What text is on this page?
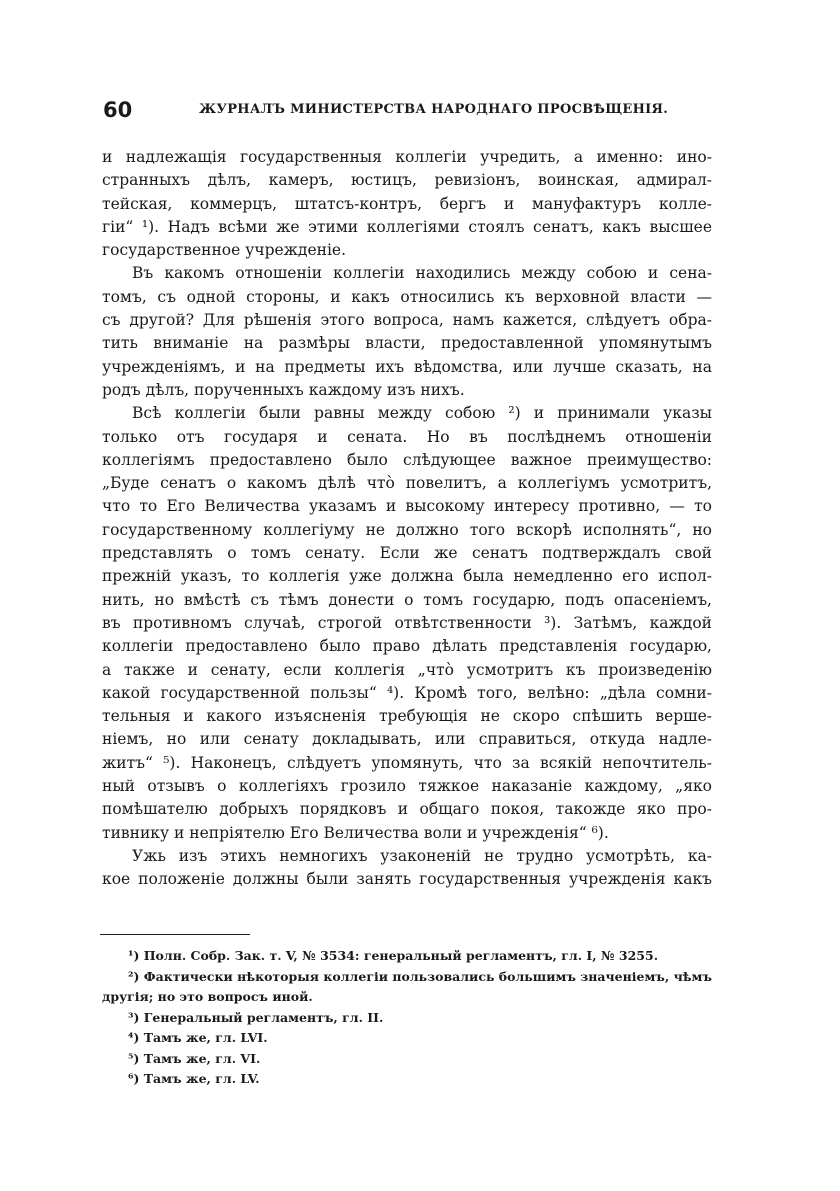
60	ЖУРНАЛЪ МИНИСТЕРСТВА НАРОДНАГО ПРОСВѢЩЕНІЯ.
и надлежащія государственныя коллегіи учредить, а именно: ино-
странныхъ дѣлъ, камеръ, юстицъ, ревизіонъ, воинская, адмирал-
тейская, коммерцъ, штатсъ-контръ, бергъ и мануфактуръ колле-
гіи“ ¹). Надъ всѣми же этими коллегіями стоялъ сенатъ, какъ высшее
государственное учрежденіе.
Въ какомъ отношеніи коллегіи находились между собою и сена-
томъ, съ одной стороны, и какъ относились къ верховной власти —
съ другой? Для рѣшенія этого вопроса, намъ кажется, слѣдуетъ обра-
тить вниманіе на размѣры власти, предоставленной упомянутымъ
учрежденіямъ, и на предметы ихъ вѣдомства, или лучше сказать, на
родъ дѣлъ, порученныхъ каждому изъ нихъ.
Всѣ коллегіи были равны между собою ²) и принимали указы
только отъ государя и сената. Но въ послѣднемъ отношеніи
коллегіямъ предоставлено было слѣдующее важное преимущество:
„Буде сенатъ о какомъ дѣлѣ что̀ повелитъ, а коллегіумъ усмотритъ,
что то Его Величества указамъ и высокому интересу противно, — то
государственному коллегіуму не должно того вскорѣ исполнять“, но
представлять о томъ сенату. Если же сенатъ подтверждалъ свой
прежній указъ, то коллегія уже должна была немедленно его испол-
нить, но вмѣстѣ съ тѣмъ донести о томъ государю, подъ опасеніемъ,
въ противномъ случаѣ, строгой отвѣтственности ³). Затѣмъ, каждой
коллегіи предоставлено было право дѣлать представленія государю,
а также и сенату, если коллегія „что̀ усмотритъ къ произведенію
какой государственной пользы“ ⁴). Кромѣ того, велѣно: „дѣла сомни-
тельныя и какого изъясненія требующія не скоро спѣшить верше-
ніемъ, но или сенату докладывать, или справиться, откуда надле-
житъ“ ⁵). Наконецъ, слѣдуетъ упомянуть, что за всякій непочтитель-
ный отзывъ о коллегіяхъ грозило тяжкое наказаніе каждому, „яко
помѣшателю добрыхъ порядковъ и общаго покоя, такожде яко про-
тивнику и непріятелю Его Величества воли и учрежденія“ ⁶).
Ужь изъ этихъ немногихъ узаконеній не трудно усмотрѣть, ка-
кое положеніе должны были занять государственныя учрежденія какъ
¹) Полн. Собр. Зак. т. V, № 3534: генеральный регламентъ, гл. I, № 3255.
²) Фактически нѣкоторыя коллегіи пользовались большимъ значеніемъ, чѣмъ
другія; но это вопросъ иной.
³) Генеральный регламентъ, гл. II.
⁴) Тамъ же, гл. LVI.
⁵) Тамъ же, гл. VI.
⁶) Тамъ же, гл. LV.
